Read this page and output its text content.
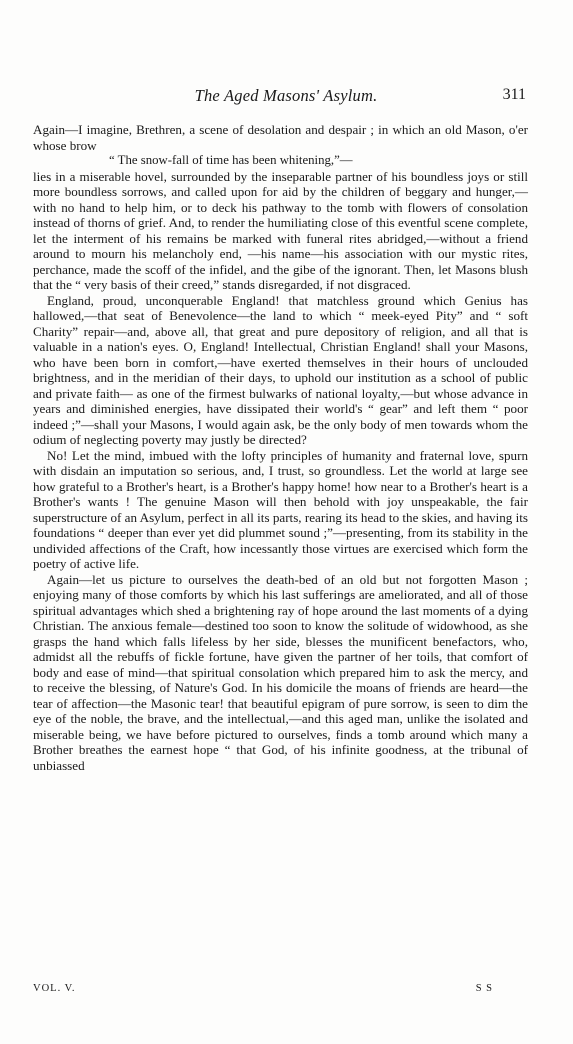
The Aged Masons' Asylum.	311

Again—I imagine, Brethren, a scene of desolation and despair ; in which an old Mason, o'er whose brow

“ The snow-fall of time has been whitening,”—

lies in a miserable hovel, surrounded by the inseparable partner of his boundless joys or still more boundless sorrows, and called upon for aid by the children of beggary and hunger,—with no hand to help him, or to deck his pathway to the tomb with flowers of consolation instead of thorns of grief. And, to render the humiliating close of this eventful scene complete, let the interment of his remains be marked with funeral rites abridged,—without a friend around to mourn his melancholy end, —his name—his association with our mystic rites, perchance, made the scoff of the infidel, and the gibe of the ignorant. Then, let Masons blush that the “ very basis of their creed,” stands disregarded, if not disgraced.

England, proud, unconquerable England! that matchless ground which Genius has hallowed,—that seat of Benevolence—the land to which “ meek-eyed Pity” and “ soft Charity” repair—and, above all, that great and pure depository of religion, and all that is valuable in a nation's eyes. O, England! Intellectual, Christian England! shall your Masons, who have been born in comfort,—have exerted themselves in their hours of unclouded brightness, and in the meridian of their days, to uphold our institution as a school of public and private faith— as one of the firmest bulwarks of national loyalty,—but whose advance in years and diminished energies, have dissipated their world's “ gear” and left them “ poor indeed ;”—shall your Masons, I would again ask, be the only body of men towards whom the odium of neglecting poverty may justly be directed?

No! Let the mind, imbued with the lofty principles of humanity and fraternal love, spurn with disdain an imputation so serious, and, I trust, so groundless. Let the world at large see how grateful to a Brother's heart, is a Brother's happy home! how near to a Brother's heart is a Brother's wants ! The genuine Mason will then behold with joy unspeakable, the fair superstructure of an Asylum, perfect in all its parts, rearing its head to the skies, and having its foundations “ deeper than ever yet did plummet sound ;”—presenting, from its stability in the undivided affections of the Craft, how incessantly those virtues are exercised which form the poetry of active life.

Again—let us picture to ourselves the death-bed of an old but not forgotten Mason ; enjoying many of those comforts by which his last sufferings are ameliorated, and all of those spiritual advantages which shed a brightening ray of hope around the last moments of a dying Christian. The anxious female—destined too soon to know the solitude of widowhood, as she grasps the hand which falls lifeless by her side, blesses the munificent benefactors, who, admidst all the rebuffs of fickle fortune, have given the partner of her toils, that comfort of body and ease of mind—that spiritual consolation which prepared him to ask the mercy, and to receive the blessing, of Nature's God. In his domicile the moans of friends are heard—the tear of affection—the Masonic tear! that beautiful epigram of pure sorrow, is seen to dim the eye of the noble, the brave, and the intellectual,—and this aged man, unlike the isolated and miserable being, we have before pictured to ourselves, finds a tomb around which many a Brother breathes the earnest hope “ that God, of his infinite goodness, at the tribunal of unbiassed

VOL. V.	S S
